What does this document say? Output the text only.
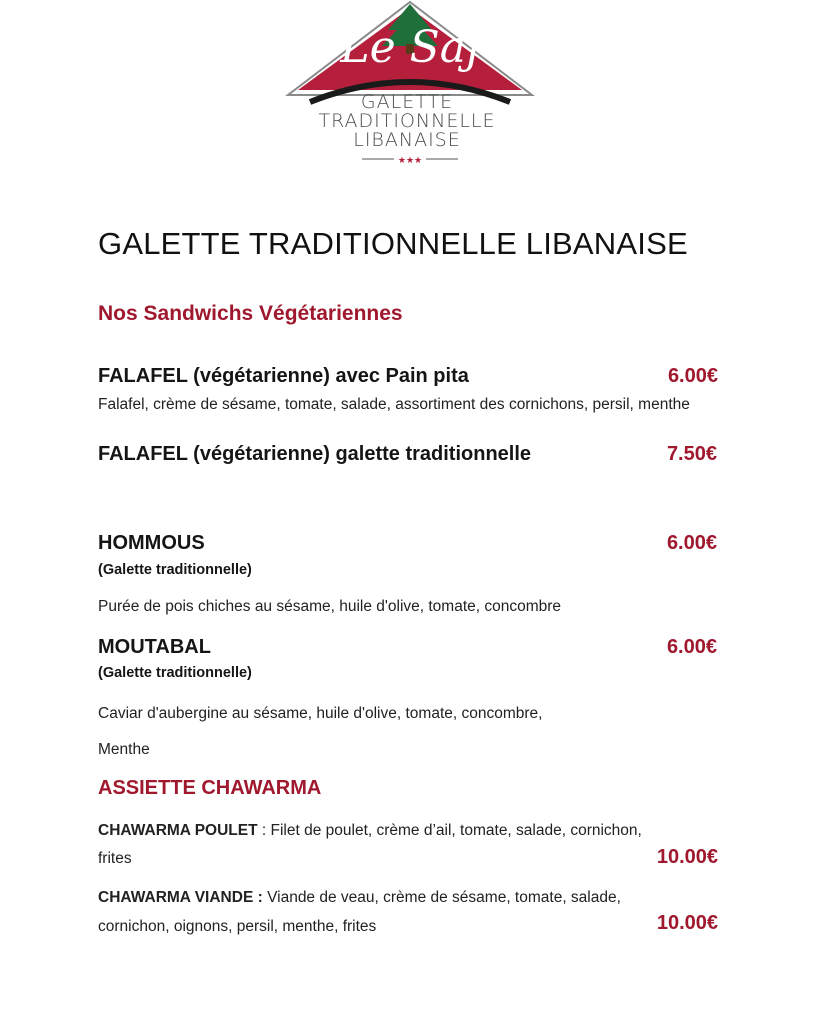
Le Saj
★★★
GALETTE
TRADITIONNELLE
LIBANAISE
GALETTE TRADITIONNELLE LIBANAISE
Nos Sandwichs Végétariennes
FALAFEL (végétarienne) avec Pain pita	6.00€
Falafel, crème de sésame, tomate, salade, assortiment des cornichons, persil, menthe
FALAFEL (végétarienne) galette traditionnelle	7.50€
HOMMOUS	6.00€
(Galette traditionnelle)
Purée de pois chiches au sésame, huile d'olive, tomate, concombre
MOUTABAL	6.00€
(Galette traditionnelle)
Caviar d'aubergine au sésame, huile d'olive, tomate, concombre,
Menthe
ASSIETTE CHAWARMA
CHAWARMA POULET : Filet de poulet, crème d’ail, tomate, salade, cornichon,
frites	10.00€
CHAWARMA VIANDE : Viande de veau, crème de sésame, tomate, salade,
cornichon, oignons, persil, menthe, frites	10.00€
